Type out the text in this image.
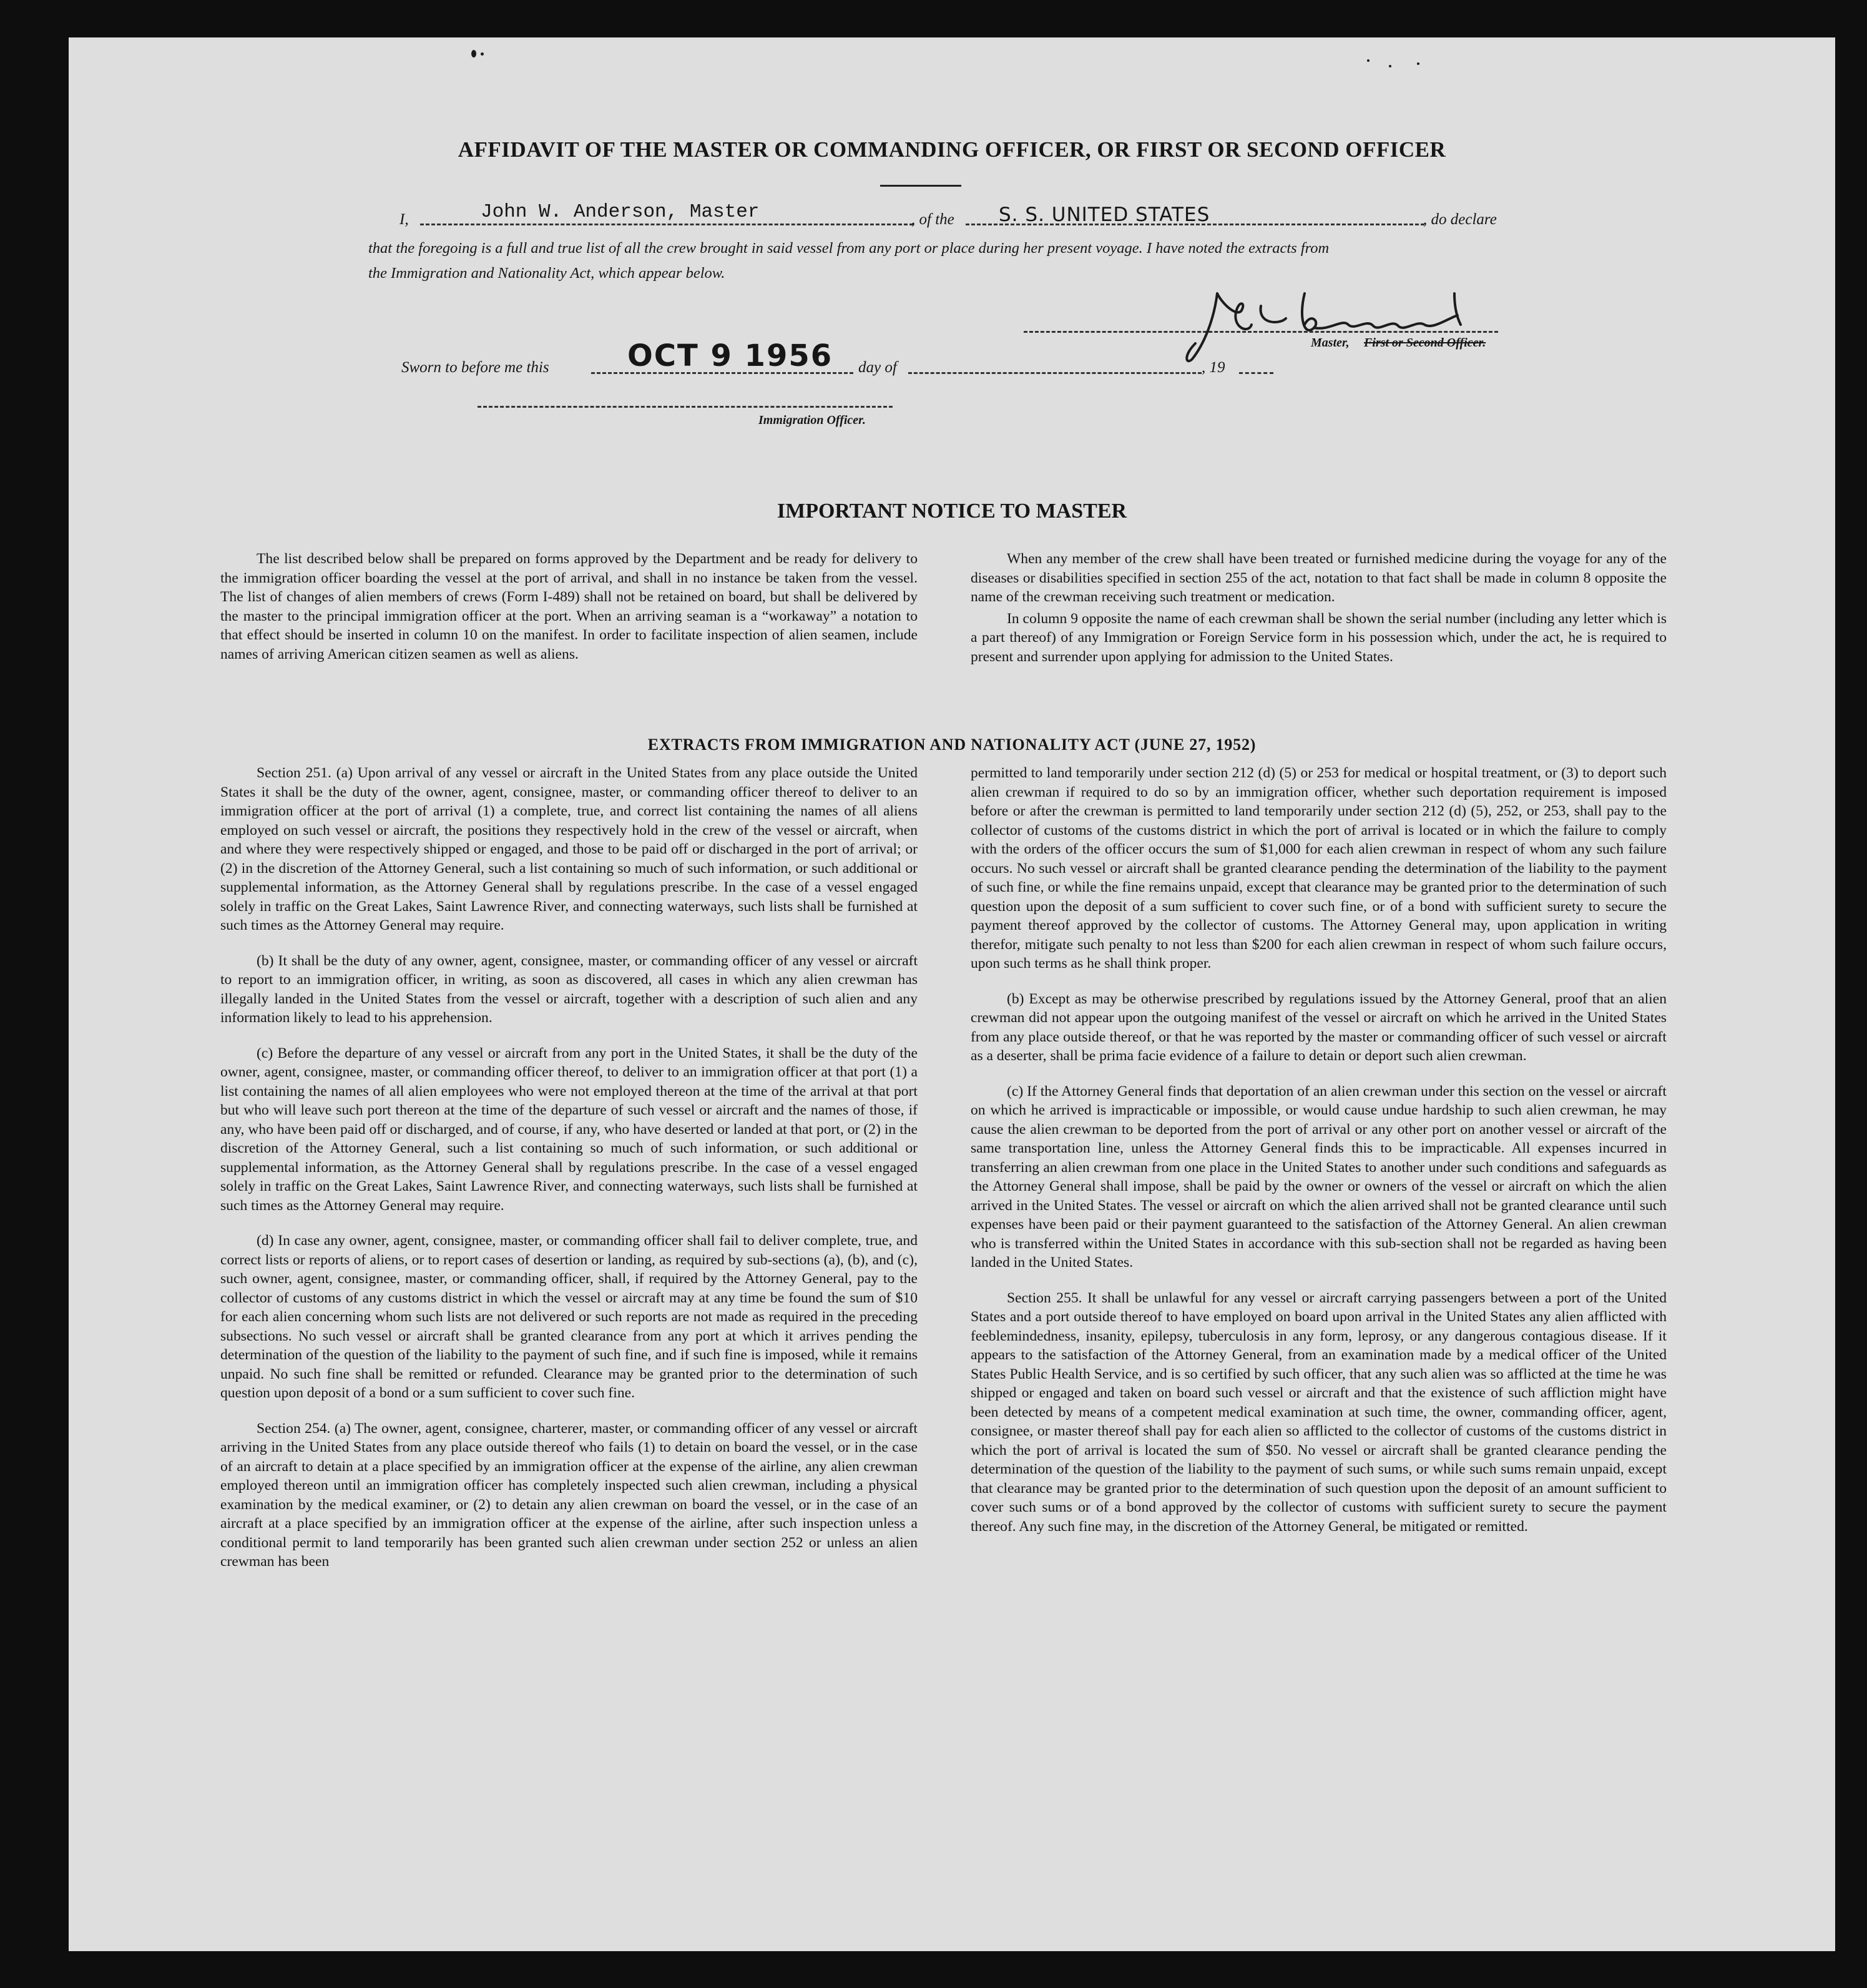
AFFIDAVIT OF THE MASTER OR COMMANDING OFFICER, OR FIRST OR SECOND OFFICER
I,	John W. Anderson, Master	, of the S. S. UNITED STATES	, do declare
that the foregoing is a full and true list of all the crew brought in said vessel from any port or place during her present voyage. I have noted the extracts from
the Immigration and Nationality Act, which appear below.
Master, First or Second Officer.
Sworn to before me this	OCT 9 1956 day of	, 19
Immigration Officer.
IMPORTANT NOTICE TO MASTER

The list described below shall be prepared on forms approved by the Department and be ready for delivery to the immigration officer boarding the vessel at the port of arrival, and shall in no instance be taken from the vessel. The list of changes of alien members of crews (Form I-489) shall not be retained on board, but shall be delivered by the master to the principal immigration officer at the port. When an arriving seaman is a “workaway” a notation to that effect should be inserted in column 10 on the manifest. In order to facilitate inspection of alien seamen, include names of arriving American citizen seamen as well as aliens.

When any member of the crew shall have been treated or furnished medicine during the voyage for any of the diseases or disabilities specified in section 255 of the act, notation to that fact shall be made in column 8 opposite the name of the crewman receiving such treatment or medication.

In column 9 opposite the name of each crewman shall be shown the serial number (including any letter which is a part thereof) of any Immigration or Foreign Service form in his possession which, under the act, he is required to present and surrender upon applying for admission to the United States.

EXTRACTS FROM IMMIGRATION AND NATIONALITY ACT (JUNE 27, 1952)

Section 251. (a) Upon arrival of any vessel or aircraft in the United States from any place outside the United States it shall be the duty of the owner, agent, consignee, master, or commanding officer thereof to deliver to an immigration officer at the port of arrival (1) a complete, true, and correct list containing the names of all aliens employed on such vessel or aircraft, the positions they respectively hold in the crew of the vessel or aircraft, when and where they were respectively shipped or engaged, and those to be paid off or discharged in the port of arrival; or (2) in the discretion of the Attorney General, such a list containing so much of such information, or such additional or supplemental information, as the Attorney General shall by regulations prescribe. In the case of a vessel engaged solely in traffic on the Great Lakes, Saint Lawrence River, and connecting waterways, such lists shall be furnished at such times as the Attorney General may require.

(b) It shall be the duty of any owner, agent, consignee, master, or commanding officer of any vessel or aircraft to report to an immigration officer, in writing, as soon as discovered, all cases in which any alien crewman has illegally landed in the United States from the vessel or aircraft, together with a description of such alien and any information likely to lead to his apprehension.

(c) Before the departure of any vessel or aircraft from any port in the United States, it shall be the duty of the owner, agent, consignee, master, or commanding officer thereof, to deliver to an immigration officer at that port (1) a list containing the names of all alien employees who were not employed thereon at the time of the arrival at that port but who will leave such port thereon at the time of the departure of such vessel or aircraft and the names of those, if any, who have been paid off or discharged, and of course, if any, who have deserted or landed at that port, or (2) in the discretion of the Attorney General, such a list containing so much of such information, or such additional or supplemental information, as the Attorney General shall by regulations prescribe. In the case of a vessel engaged solely in traffic on the Great Lakes, Saint Lawrence River, and connecting waterways, such lists shall be furnished at such times as the Attorney General may require.

(d) In case any owner, agent, consignee, master, or commanding officer shall fail to deliver complete, true, and correct lists or reports of aliens, or to report cases of desertion or landing, as required by sub-sections (a), (b), and (c), such owner, agent, consignee, master, or commanding officer, shall, if required by the Attorney General, pay to the collector of customs of any customs district in which the vessel or aircraft may at any time be found the sum of $10 for each alien concerning whom such lists are not delivered or such reports are not made as required in the preceding subsections. No such vessel or aircraft shall be granted clearance from any port at which it arrives pending the determination of the question of the liability to the payment of such fine, and if such fine is imposed, while it remains unpaid. No such fine shall be remitted or refunded. Clearance may be granted prior to the determination of such question upon deposit of a bond or a sum sufficient to cover such fine.

Section 254. (a) The owner, agent, consignee, charterer, master, or commanding officer of any vessel or aircraft arriving in the United States from any place outside thereof who fails (1) to detain on board the vessel, or in the case of an aircraft to detain at a place specified by an immigration officer at the expense of the airline, any alien crewman employed thereon until an immigration officer has completely inspected such alien crewman, including a physical examination by the medical examiner, or (2) to detain any alien crewman on board the vessel, or in the case of an aircraft at a place specified by an immigration officer at the expense of the airline, after such inspection unless a conditional permit to land temporarily has been granted such alien crewman under section 252 or unless an alien crewman has been

permitted to land temporarily under section 212 (d) (5) or 253 for medical or hospital treatment, or (3) to deport such alien crewman if required to do so by an immigration officer, whether such deportation requirement is imposed before or after the crewman is permitted to land temporarily under section 212 (d) (5), 252, or 253, shall pay to the collector of customs of the customs district in which the port of arrival is located or in which the failure to comply with the orders of the officer occurs the sum of $1,000 for each alien crewman in respect of whom any such failure occurs. No such vessel or aircraft shall be granted clearance pending the determination of the liability to the payment of such fine, or while the fine remains unpaid, except that clearance may be granted prior to the determination of such question upon the deposit of a sum sufficient to cover such fine, or of a bond with sufficient surety to secure the payment thereof approved by the collector of customs. The Attorney General may, upon application in writing therefor, mitigate such penalty to not less than $200 for each alien crewman in respect of whom such failure occurs, upon such terms as he shall think proper.

(b) Except as may be otherwise prescribed by regulations issued by the Attorney General, proof that an alien crewman did not appear upon the outgoing manifest of the vessel or aircraft on which he arrived in the United States from any place outside thereof, or that he was reported by the master or commanding officer of such vessel or aircraft as a deserter, shall be prima facie evidence of a failure to detain or deport such alien crewman.

(c) If the Attorney General finds that deportation of an alien crewman under this section on the vessel or aircraft on which he arrived is impracticable or impossible, or would cause undue hardship to such alien crewman, he may cause the alien crewman to be deported from the port of arrival or any other port on another vessel or aircraft of the same transportation line, unless the Attorney General finds this to be impracticable. All expenses incurred in transferring an alien crewman from one place in the United States to another under such conditions and safeguards as the Attorney General shall impose, shall be paid by the owner or owners of the vessel or aircraft on which the alien arrived in the United States. The vessel or aircraft on which the alien arrived shall not be granted clearance until such expenses have been paid or their payment guaranteed to the satisfaction of the Attorney General. An alien crewman who is transferred within the United States in accordance with this sub-section shall not be regarded as having been landed in the United States.

Section 255. It shall be unlawful for any vessel or aircraft carrying passengers between a port of the United States and a port outside thereof to have employed on board upon arrival in the United States any alien afflicted with feeblemindedness, insanity, epilepsy, tuberculosis in any form, leprosy, or any dangerous contagious disease. If it appears to the satisfaction of the Attorney General, from an examination made by a medical officer of the United States Public Health Service, and is so certified by such officer, that any such alien was so afflicted at the time he was shipped or engaged and taken on board such vessel or aircraft and that the existence of such affliction might have been detected by means of a competent medical examination at such time, the owner, commanding officer, agent, consignee, or master thereof shall pay for each alien so afflicted to the collector of customs of the customs district in which the port of arrival is located the sum of $50. No vessel or aircraft shall be granted clearance pending the determination of the question of the liability to the payment of such sums, or while such sums remain unpaid, except that clearance may be granted prior to the determination of such question upon the deposit of an amount sufficient to cover such sums or of a bond approved by the collector of customs with sufficient surety to secure the payment thereof. Any such fine may, in the discretion of the Attorney General, be mitigated or remitted.
